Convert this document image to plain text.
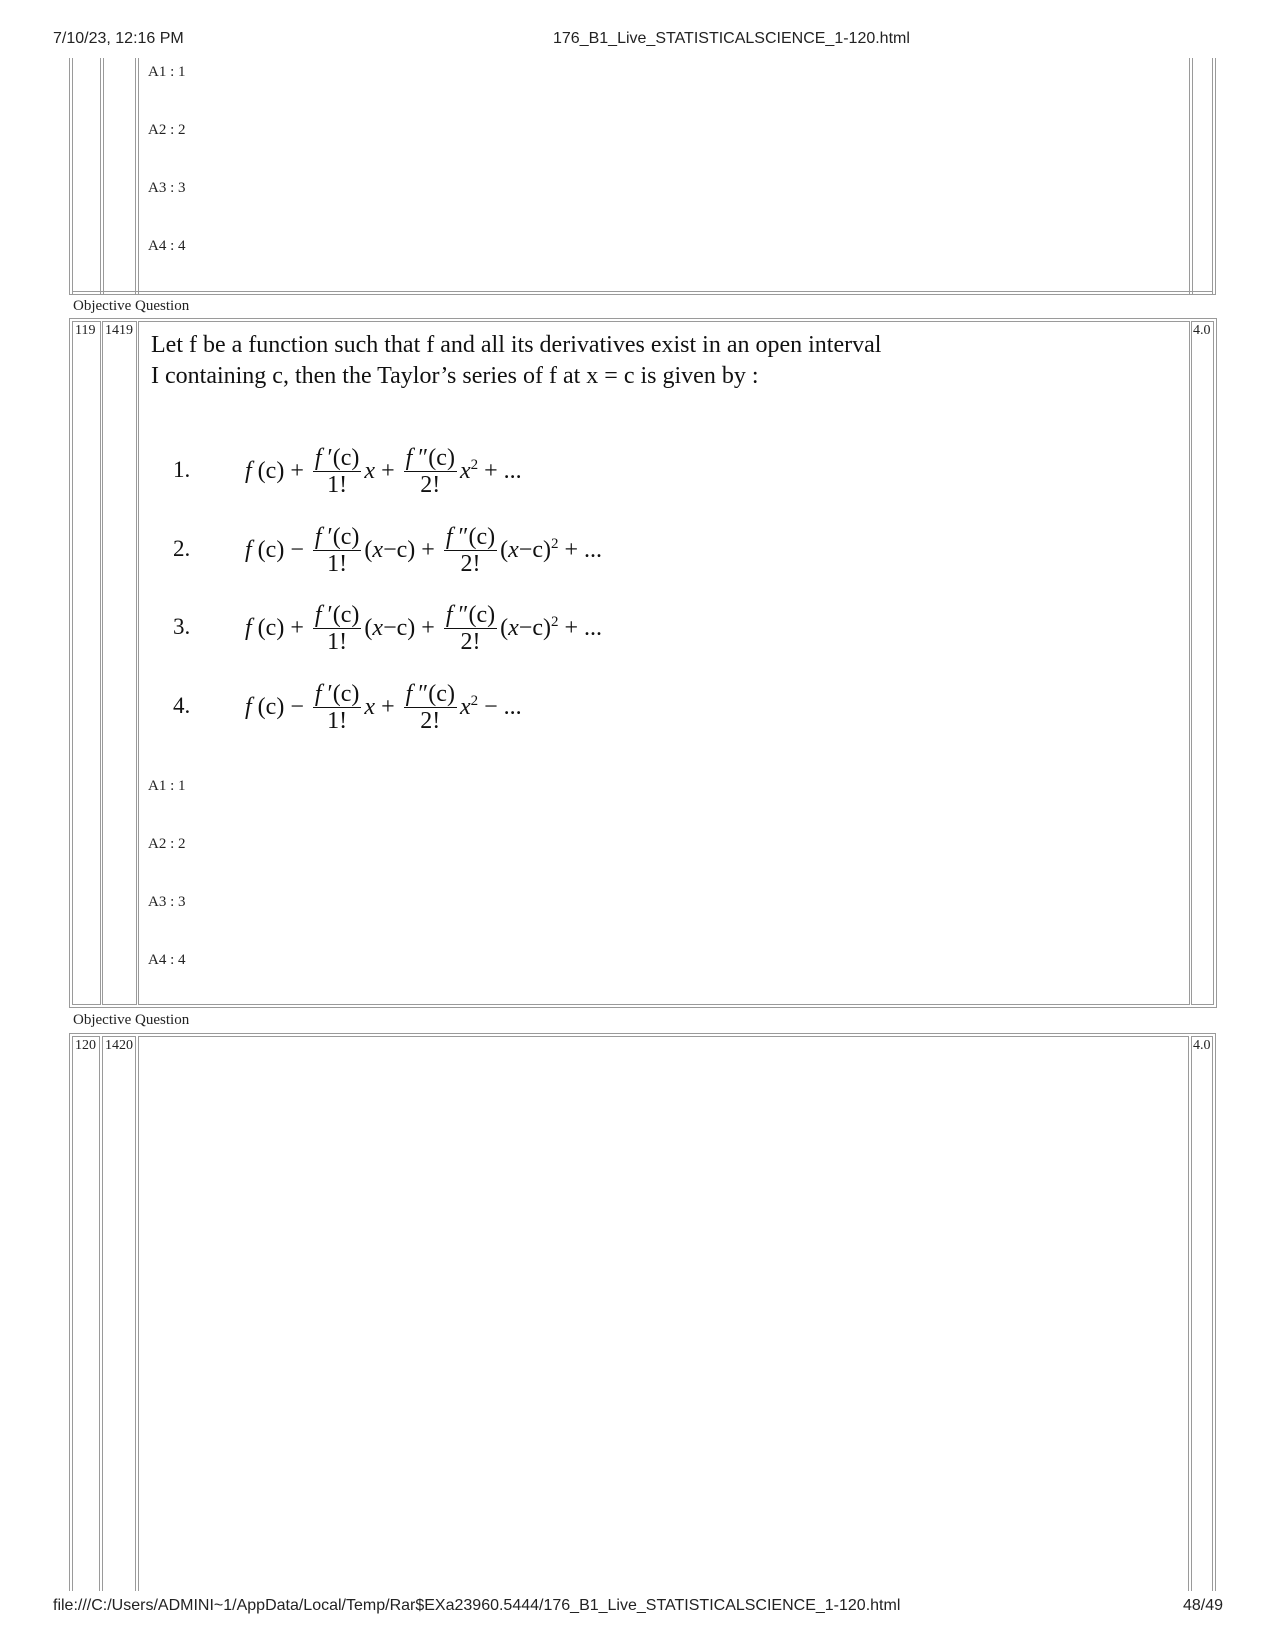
7/10/23, 12:16 PM	176_B1_Live_STATISTICALSCIENCE_1-120.html
A1 : 1
A2 : 2
A3 : 3
A4 : 4
Objective Question
119 1419	4.0
Let f be a function such that f and all its derivatives exist in an open interval
I containing c, then the Taylor’s series of f at x = c is given by :
1. f $(c) + \frac{f '(c)}{1!}$ $x + \frac{f ''(c)}{2!} x^2$ + ...
2. f $(c) - \frac{f '(c)}{1!} (x-c) + \frac{f ''(c)}{2!} (x-c)^2$ + ...
3. f $(c) + \frac{f '(c)}{1!} (x-c) + \frac{f ''(c)}{2!} (x-c)^2$ + ...
4. f $(c) - \frac{f '(c)}{1!}$ $x + \frac{f ''(c)}{2!} x^2$ − ...
A1 : 1
A2 : 2
A3 : 3
A4 : 4
Objective Question
120 1420	4.0
file:///C:/Users/ADMINI~1/AppData/Local/Temp/Rar$EXa23960.5444/176_B1_Live_STATISTICALSCIENCE_1-120.html	48/49
